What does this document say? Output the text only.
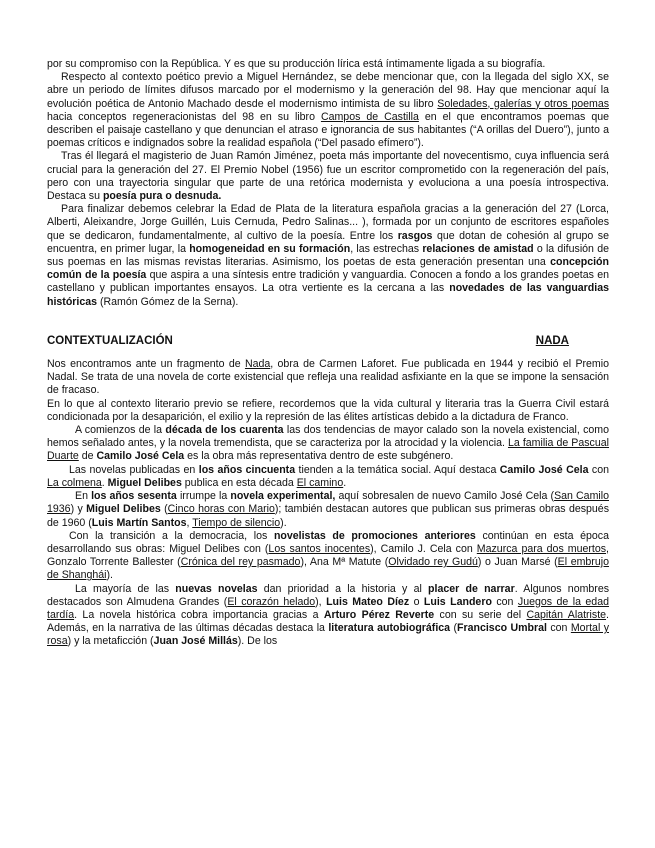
por su compromiso con la República. Y es que su producción lírica está íntimamente ligada a su biografía.

Respecto al contexto poético previo a Miguel Hernández, se debe mencionar que, con la llegada del siglo XX, se abre un periodo de límites difusos marcado por el modernismo y la generación del 98. Hay que mencionar aquí la evolución poética de Antonio Machado desde el modernismo intimista de su libro Soledades, galerías y otros poemas hacia conceptos regeneracionistas del 98 en su libro Campos de Castilla en el que encontramos poemas que describen el paisaje castellano y que denuncian el atraso e ignorancia de sus habitantes (“A orillas del Duero”), junto a poemas críticos e indignados sobre la realidad española (“Del pasado efímero”).

Tras él llegará el magisterio de Juan Ramón Jiménez, poeta más importante del novecentismo, cuya influencia será crucial para la generación del 27. El Premio Nobel (1956) fue un escritor comprometido con la regeneración del país, pero con una trayectoria singular que parte de una retórica modernista y evoluciona a una poesía introspectiva. Destaca su poesía pura o desnuda.

Para finalizar debemos celebrar la Edad de Plata de la literatura española gracias a la generación del 27 (Lorca, Alberti, Aleixandre, Jorge Guillén, Luis Cernuda, Pedro Salinas... ), formada por un conjunto de escritores españoles que se dedicaron, fundamentalmente, al cultivo de la poesía. Entre los rasgos que dotan de cohesión al grupo se encuentra, en primer lugar, la homogeneidad en su formación, las estrechas relaciones de amistad o la difusión de sus poemas en las mismas revistas literarias. Asimismo, los poetas de esta generación presentan una concepción común de la poesía que aspira a una síntesis entre tradición y vanguardia. Conocen a fondo a los grandes poetas en castellano y publican importantes ensayos. La otra vertiente es la cercana a las novedades de las vanguardias históricas (Ramón Gómez de la Serna).

CONTEXTUALIZACIÓN	NADA

Nos encontramos ante un fragmento de Nada, obra de Carmen Laforet. Fue publicada en 1944 y recibió el Premio Nadal. Se trata de una novela de corte existencial que refleja una realidad asfixiante en la que se impone la sensación de fracaso.

En lo que al contexto literario previo se refiere, recordemos que la vida cultural y literaria tras la Guerra Civil estará condicionada por la desaparición, el exilio y la represión de las élites artísticas debido a la dictadura de Franco.

A comienzos de la década de los cuarenta las dos tendencias de mayor calado son la novela existencial, como hemos señalado antes, y la novela tremendista, que se caracteriza por la atrocidad y la violencia. La familia de Pascual Duarte de Camilo José Cela es la obra más representativa dentro de este subgénero.

Las novelas publicadas en los años cincuenta tienden a la temática social. Aquí destaca Camilo José Cela con La colmena. Miguel Delibes publica en esta década El camino.

En los años sesenta irrumpe la novela experimental, aquí sobresalen de nuevo Camilo José Cela (San Camilo 1936) y Miguel Delibes (Cinco horas con Mario); también destacan autores que publican sus primeras obras después de 1960 (Luis Martín Santos, Tiempo de silencio).

Con la transición a la democracia, los novelistas de promociones anteriores continúan en esta época desarrollando sus obras: Miguel Delibes con (Los santos inocentes), Camilo J. Cela con Mazurca para dos muertos, Gonzalo Torrente Ballester (Crónica del rey pasmado), Ana Mª Matute (Olvidado rey Gudú) o Juan Marsé (El embrujo de Shanghái).

La mayoría de las nuevas novelas dan prioridad a la historia y al placer de narrar. Algunos nombres destacados son Almudena Grandes (El corazón helado), Luis Mateo Díez o Luis Landero con Juegos de la edad tardía. La novela histórica cobra importancia gracias a Arturo Pérez Reverte con su serie del Capitán Alatriste. Además, en la narrativa de las últimas décadas destaca la literatura autobiográfica (Francisco Umbral con Mortal y rosa) y la metaficción (Juan José Millás). De los
